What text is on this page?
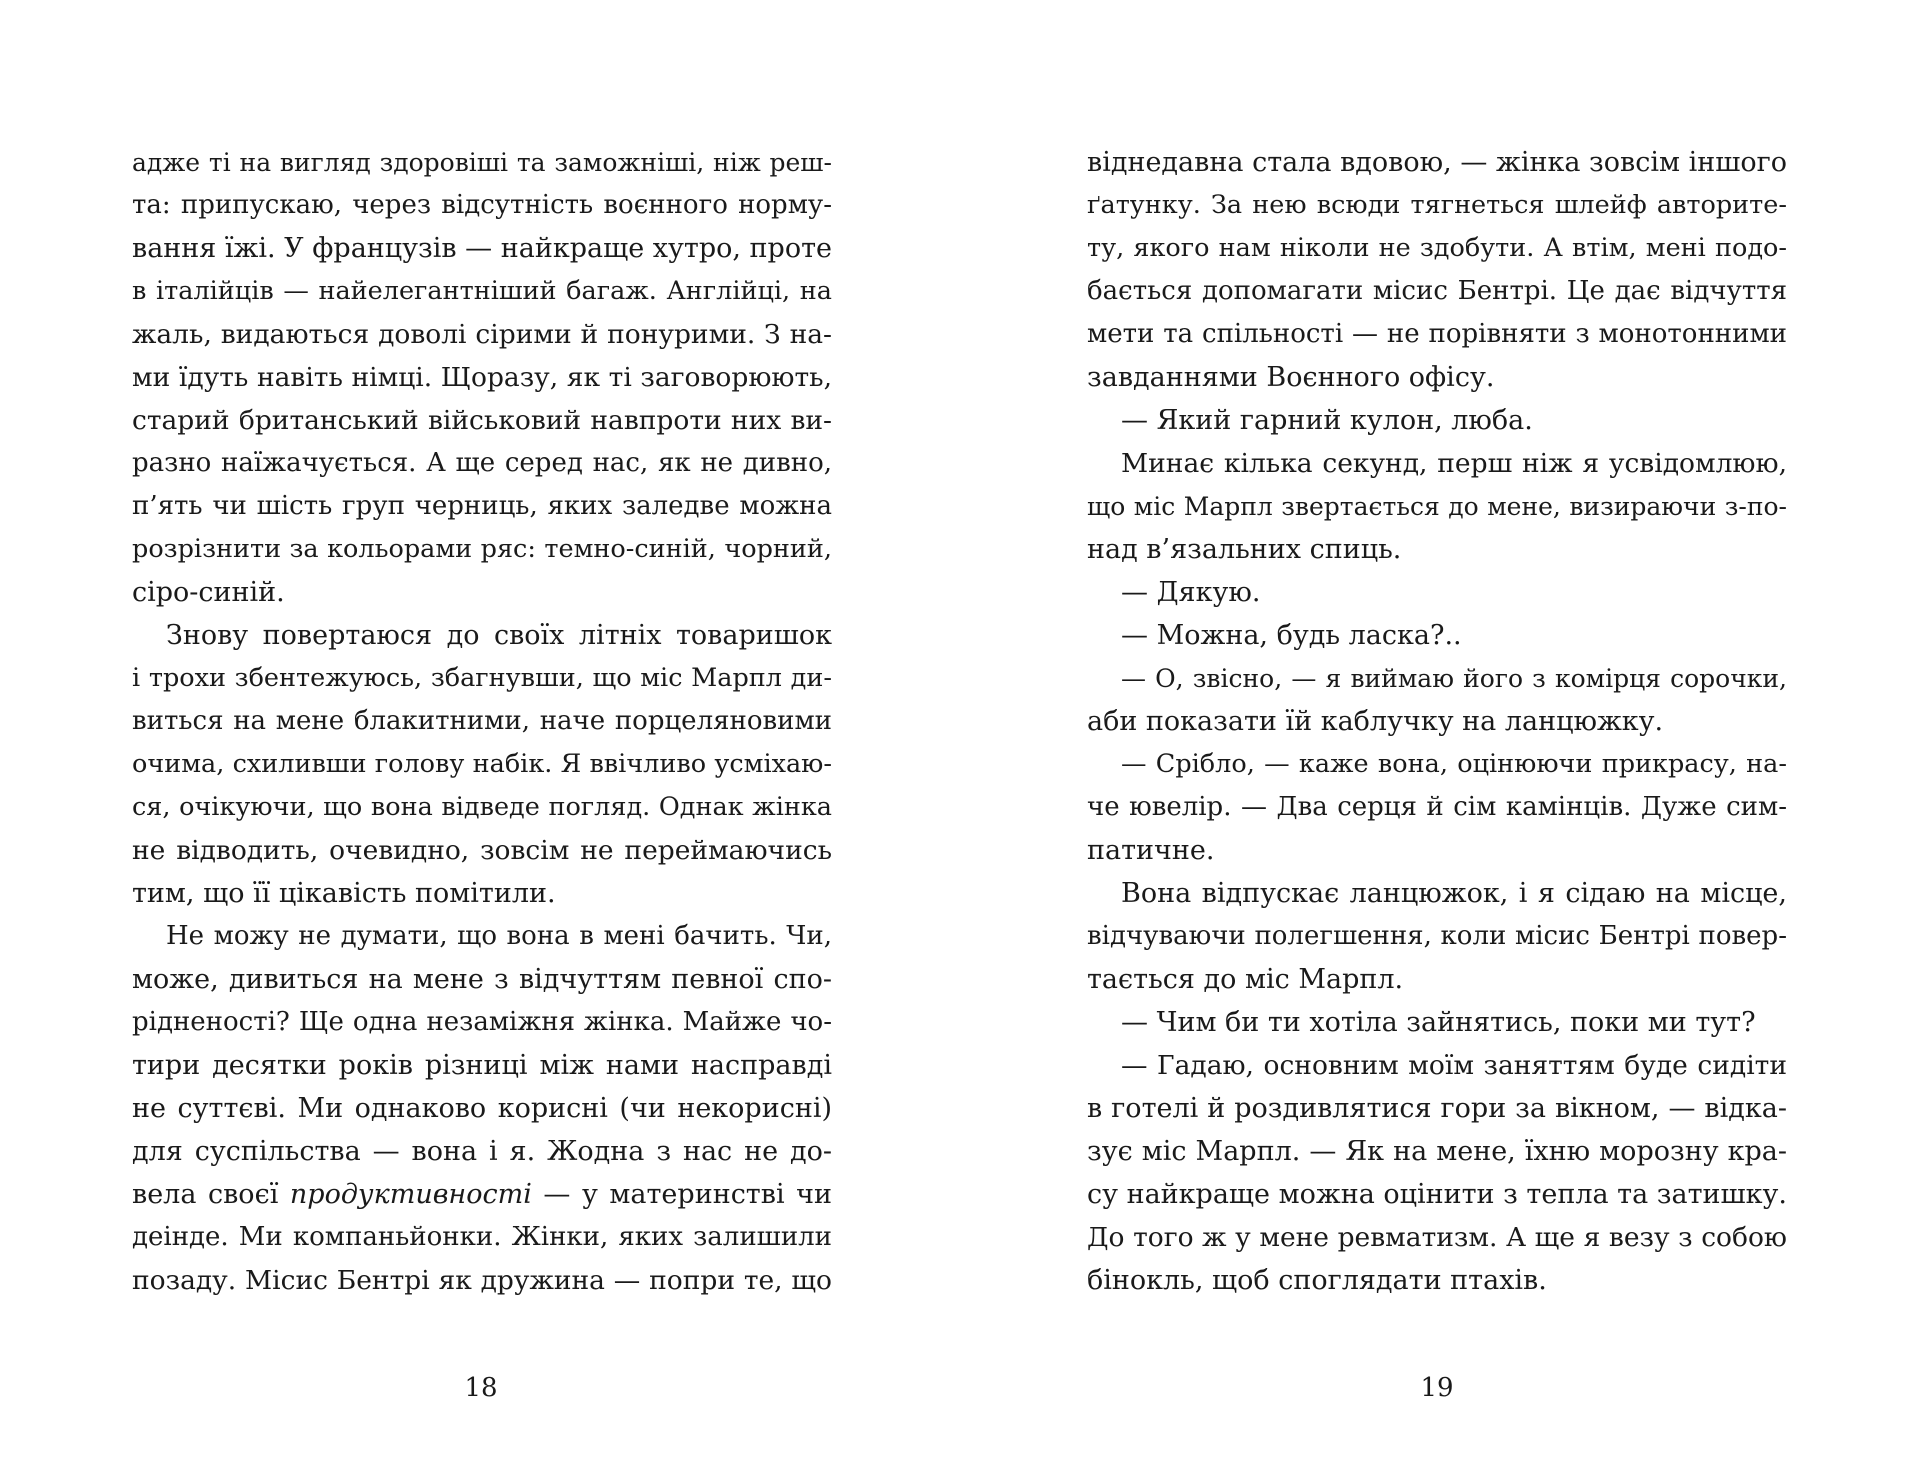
адже ті на вигляд здоровіші та заможніші, ніж реш-
та: припускаю, через відсутність воєнного норму-
вання їжі. У французів — найкраще хутро, проте
в італійців — найелегантніший багаж. Англійці, на
жаль, видаються доволі сірими й понурими. З на-
ми їдуть навіть німці. Щоразу, як ті заговорюють,
старий британський військовий навпроти них ви-
разно наїжачується. А ще серед нас, як не дивно,
п’ять чи шість груп черниць, яких заледве можна
розрізнити за кольорами ряс: темно-синій, чорний,
сіро-синій.
Знову повертаюся до своїх літніх товаришок
і трохи збентежуюсь, збагнувши, що міс Марпл ди-
виться на мене блакитними, наче порцеляновими
очима, схиливши голову набік. Я ввічливо усміхаю-
ся, очікуючи, що вона відведе погляд. Однак жінка
не відводить, очевидно, зовсім не переймаючись
тим, що її цікавість помітили.
Не можу не думати, що вона в мені бачить. Чи,
може, дивиться на мене з відчуттям певної спо-
рідненості? Ще одна незаміжня жінка. Майже чо-
тири десятки років різниці між нами насправді
не суттєві. Ми однаково корисні (чи некорисні)
для суспільства — вона і я. Жодна з нас не до-
вела своєї продуктивності — у материнстві чи
деінде. Ми компаньйонки. Жінки, яких залишили
позаду. Місис Бентрі як дружина — попри те, що
віднедавна стала вдовою, — жінка зовсім іншого
ґатунку. За нею всюди тягнеться шлейф авторите-
ту, якого нам ніколи не здобути. А втім, мені подо-
бається допомагати місис Бентрі. Це дає відчуття
мети та спільності — не порівняти з монотонними
завданнями Воєнного офісу.
— Який гарний кулон, люба.
Минає кілька секунд, перш ніж я усвідомлюю,
що міс Марпл звертається до мене, визираючи з-по-
над в’язальних спиць.
— Дякую.
— Можна, будь ласка?..
— О, звісно, — я виймаю його з комірця сорочки,
аби показати їй каблучку на ланцюжку.
— Срібло, — каже вона, оцінюючи прикрасу, на-
че ювелір. — Два серця й сім камінців. Дуже сим-
патичне.
Вона відпускає ланцюжок, і я сідаю на місце,
відчуваючи полегшення, коли місис Бентрі повер-
тається до міс Марпл.
— Чим би ти хотіла зайнятись, поки ми тут?
— Гадаю, основним моїм заняттям буде сидіти
в готелі й роздивлятися гори за вікном, — відка-
зує міс Марпл. — Як на мене, їхню морозну кра-
су найкраще можна оцінити з тепла та затишку.
До того ж у мене ревматизм. А ще я везу з собою
бінокль, щоб споглядати птахів.
18	19
